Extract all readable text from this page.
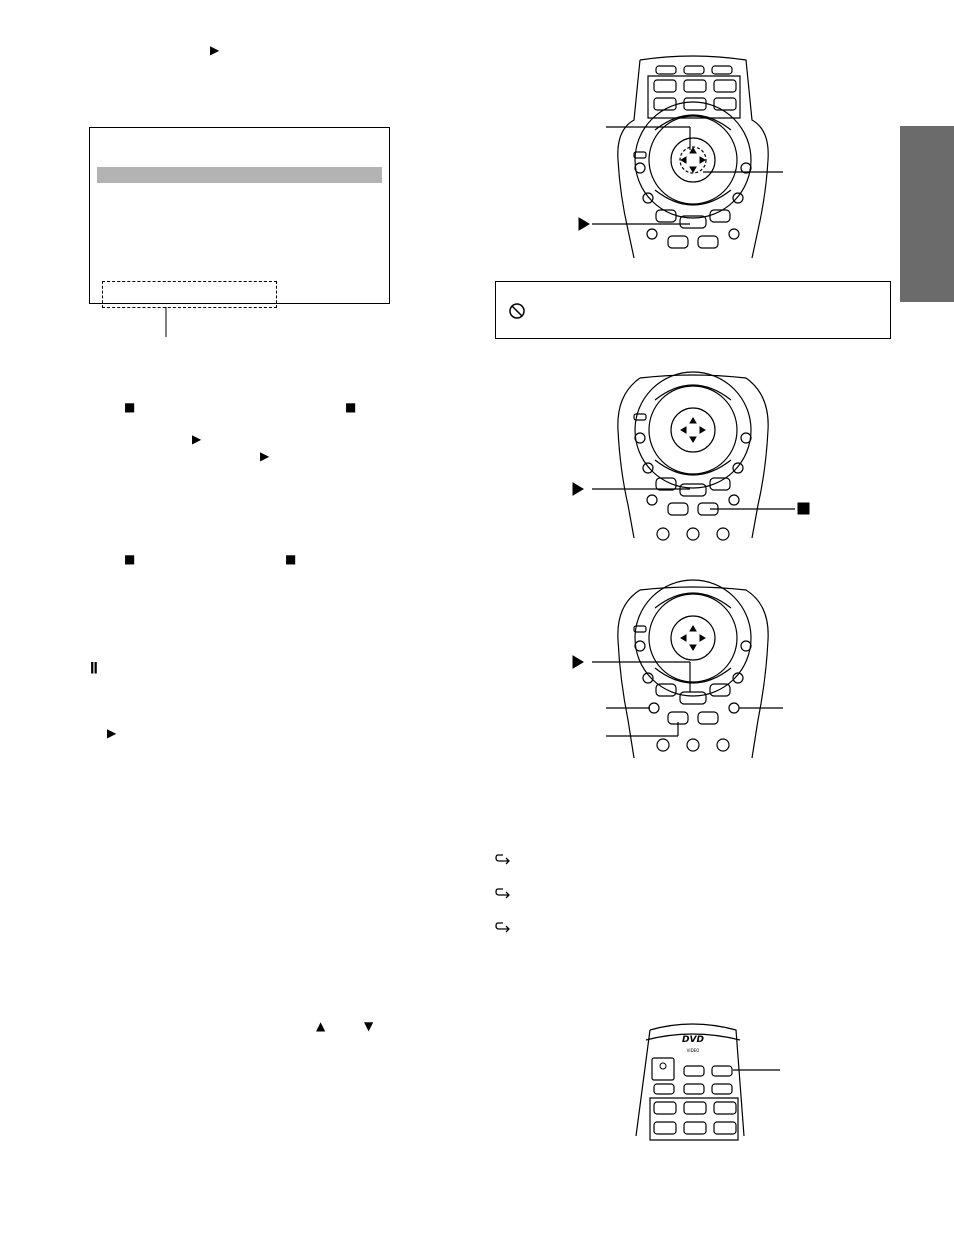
▶
■	■
▶
▶
■	■
ǁ
▶
▲	▼
DVD
VIDEO
